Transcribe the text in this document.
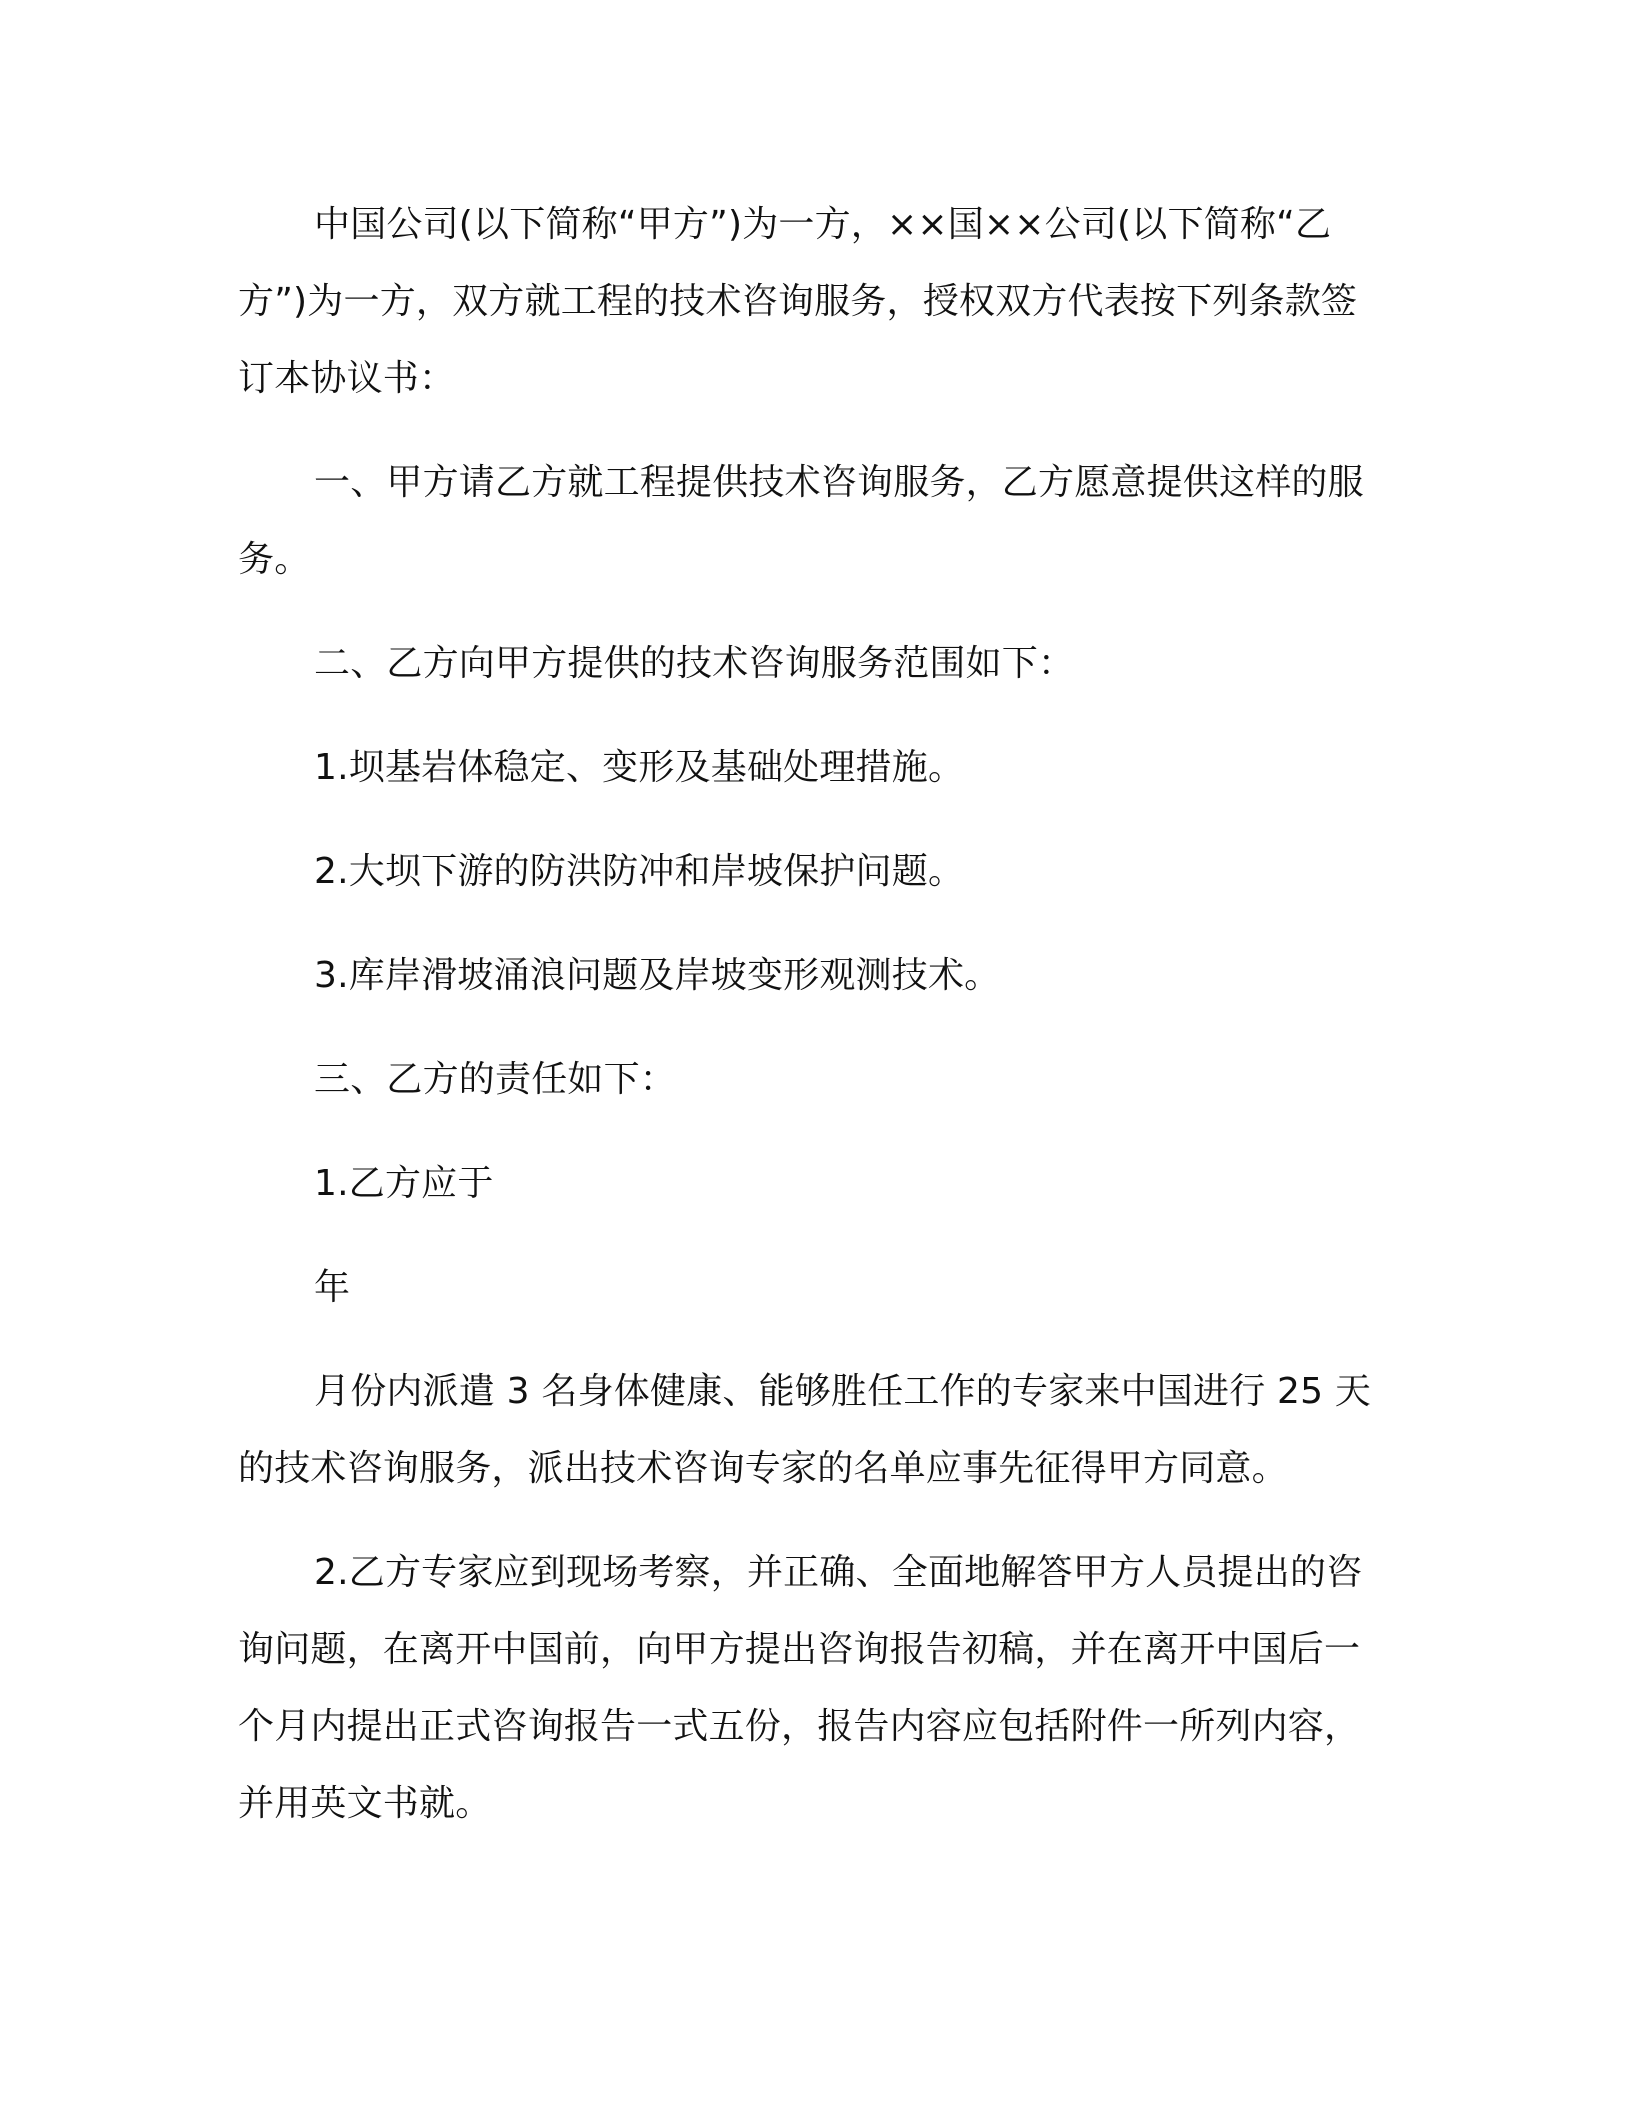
中国公司(以下简称“甲方”)为一方，××国××公司(以下简称“乙方”)为一方，双方就工程的技术咨询服务，授权双方代表按下列条款签订本协议书：

一、甲方请乙方就工程提供技术咨询服务，乙方愿意提供这样的服务。

二、乙方向甲方提供的技术咨询服务范围如下：

1.坝基岩体稳定、变形及基础处理措施。

2.大坝下游的防洪防冲和岸坡保护问题。

3.库岸滑坡涌浪问题及岸坡变形观测技术。

三、乙方的责任如下：

1.乙方应于

年

月份内派遣 3 名身体健康、能够胜任工作的专家来中国进行 25 天的技术咨询服务，派出技术咨询专家的名单应事先征得甲方同意。

2.乙方专家应到现场考察，并正确、全面地解答甲方人员提出的咨询问题，在离开中国前，向甲方提出咨询报告初稿，并在离开中国后一个月内提出正式咨询报告一式五份，报告内容应包括附件一所列内容，并用英文书就。
